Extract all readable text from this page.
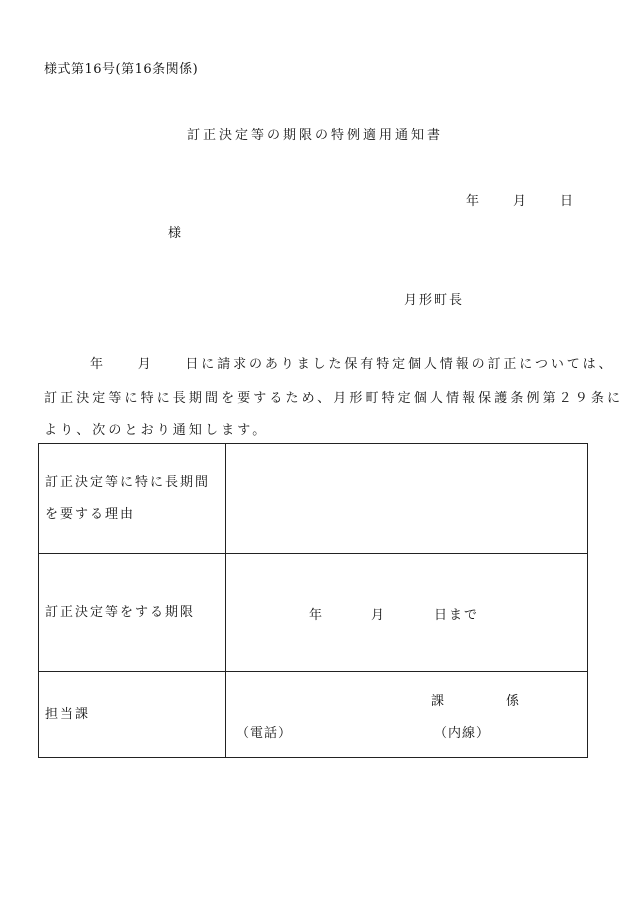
様式第16号(第16条関係)
訂正決定等の期限の特例適用通知書
年	月	日
様
月形町長
年　　月　　日に請求のありました保有特定個人情報の訂正については、
訂正決定等に特に長期間を要するため、月形町特定個人情報保護条例第２９条に
より、次のとおり通知します。
訂正決定等に特に長期間
を要する理由	

訂正決定等をする期限	年 月 日まで

担当課	課 係
（電話） （内線）
